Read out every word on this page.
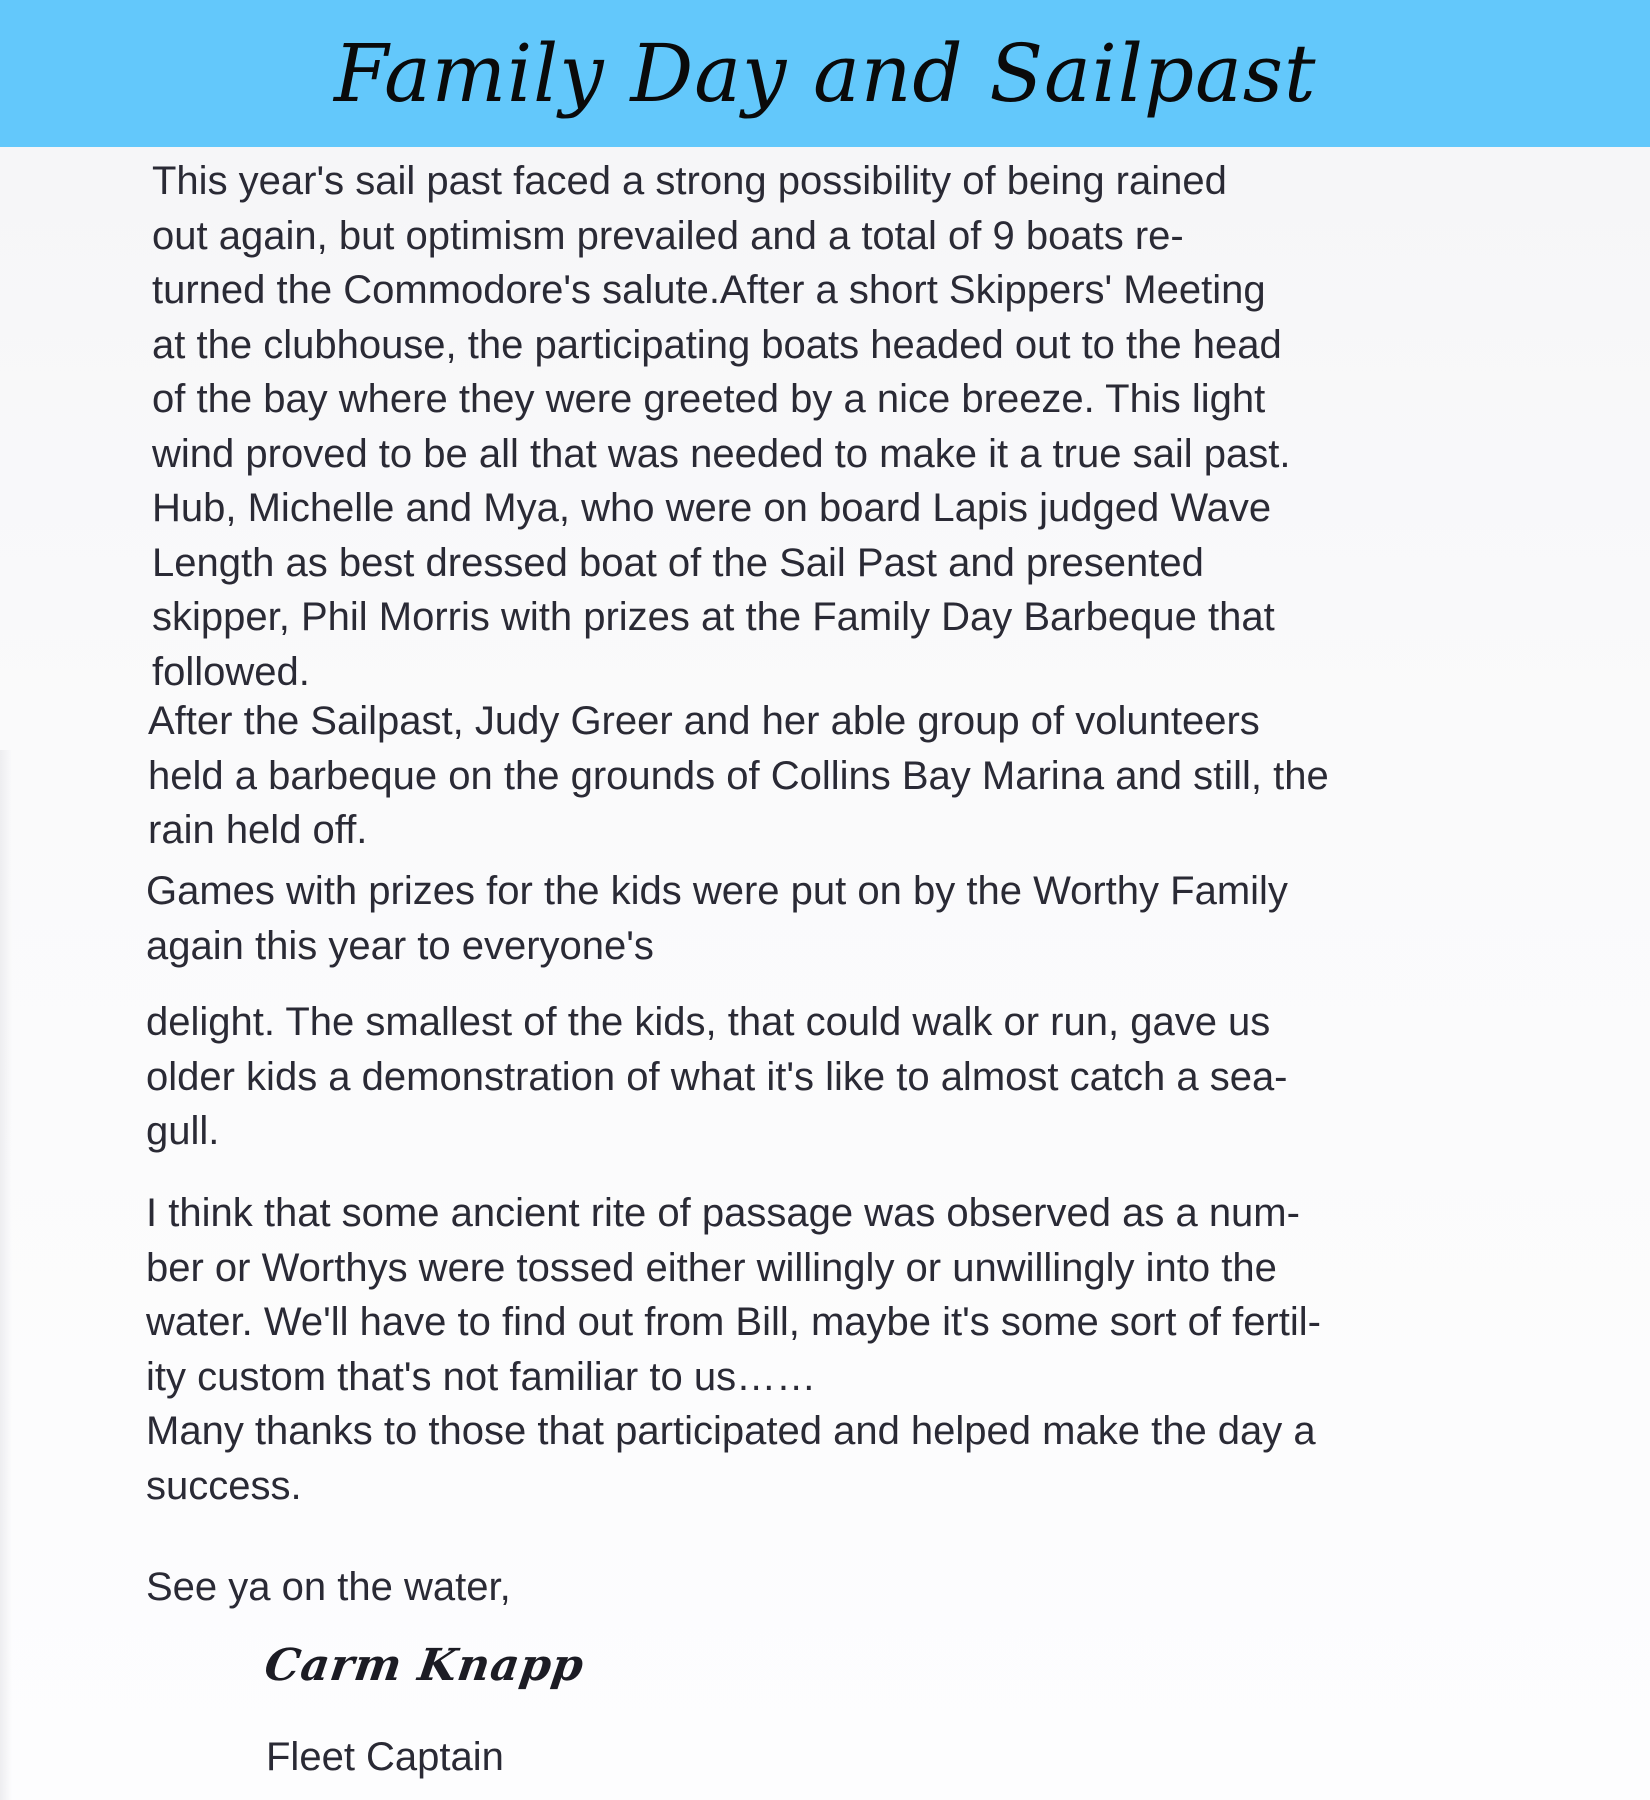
Family Day and Sailpast

This year's sail past faced a strong possibility of being rained
out again, but optimism prevailed and a total of 9 boats re-
turned the Commodore's salute.After a short Skippers' Meeting
at the clubhouse, the participating boats headed out to the head
of the bay where they were greeted by a nice breeze. This light
wind proved to be all that was needed to make it a true sail past.
Hub, Michelle and Mya, who were on board Lapis judged Wave
Length as best dressed boat of the Sail Past and presented
skipper, Phil Morris with prizes at the Family Day Barbeque that
followed.

After the Sailpast, Judy Greer and her able group of volunteers
held a barbeque on the grounds of Collins Bay Marina and still, the
rain held off.

Games with prizes for the kids were put on by the Worthy Family
again this year to everyone's

delight. The smallest of the kids, that could walk or run, gave us
older kids a demonstration of what it's like to almost catch a sea-
gull.

I think that some ancient rite of passage was observed as a num-
ber or Worthys were tossed either willingly or unwillingly into the
water. We'll have to find out from Bill, maybe it's some sort of fertil-
ity custom that's not familiar to us……

Many thanks to those that participated and helped make the day a
success.

See ya on the water,

Carm Knapp

Fleet Captain
